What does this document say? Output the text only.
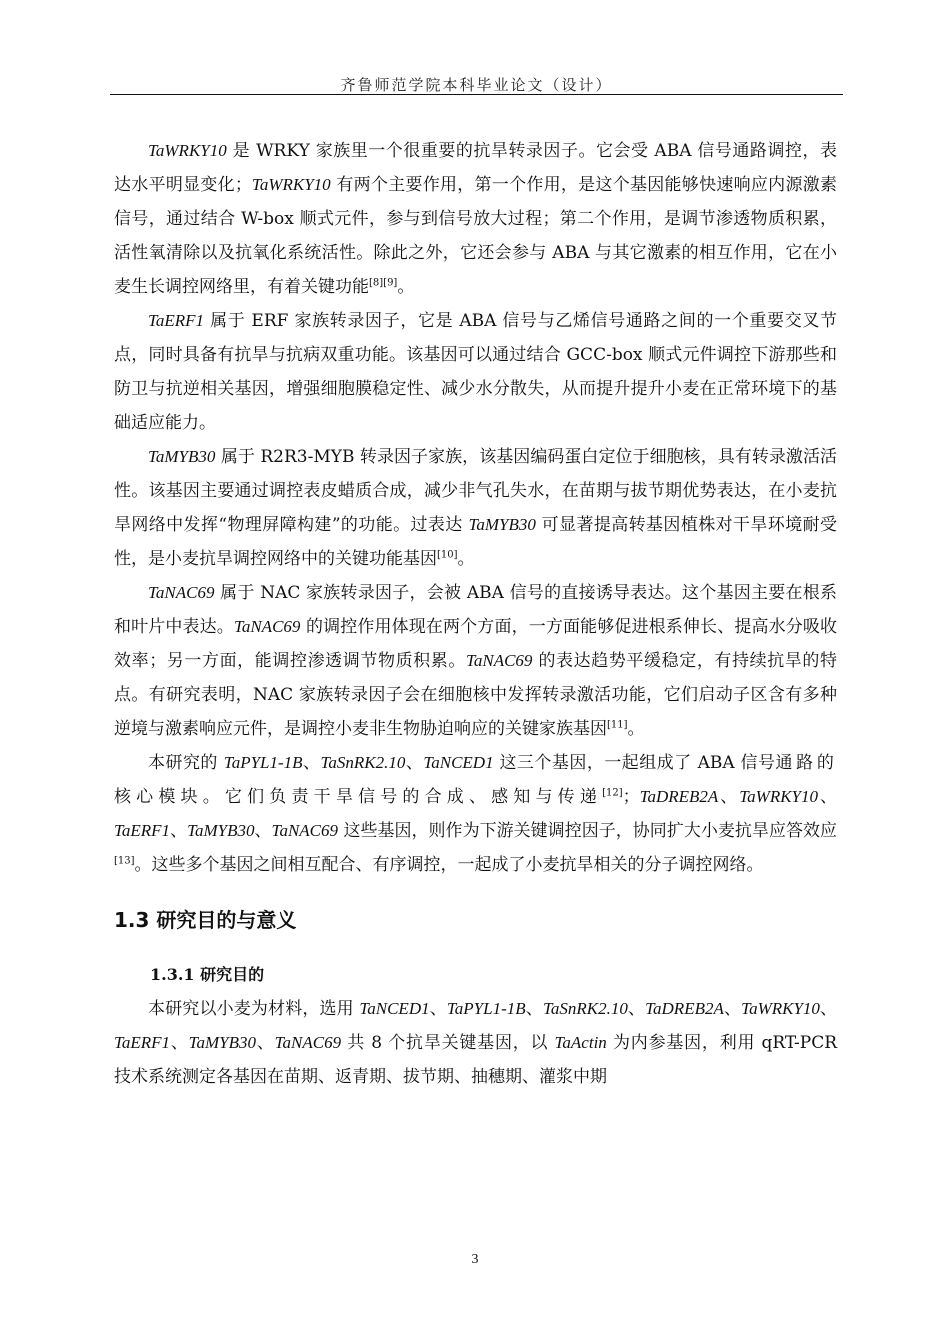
齐鲁师范学院本科毕业论文（设计）

TaWRKY10 是 WRKY 家族里一个很重要的抗旱转录因子。它会受 ABA 信号通路调控，表达水平明显变化；TaWRKY10 有两个主要作用，第一个作用，是这个基因能够快速响应内源激素信号，通过结合 W-box 顺式元件，参与到信号放大过程；第二个作用，是调节渗透物质积累，活性氧清除以及抗氧化系统活性。除此之外，它还会参与 ABA 与其它激素的相互作用，它在小麦生长调控网络里，有着关键功能[8][9]。

TaERF1 属于 ERF 家族转录因子，它是 ABA 信号与乙烯信号通路之间的一个重要交叉节点，同时具备有抗旱与抗病双重功能。该基因可以通过结合 GCC-box 顺式元件调控下游那些和防卫与抗逆相关基因，增强细胞膜稳定性、减少水分散失，从而提升提升小麦在正常环境下的基础适应能力。

TaMYB30 属于 R2R3-MYB 转录因子家族，该基因编码蛋白定位于细胞核，具有转录激活活性。该基因主要通过调控表皮蜡质合成，减少非气孔失水，在苗期与拔节期优势表达，在小麦抗旱网络中发挥“物理屏障构建”的功能。过表达 TaMYB30 可显著提高转基因植株对干旱环境耐受性，是小麦抗旱调控网络中的关键功能基因[10]。

TaNAC69 属于 NAC 家族转录因子，会被 ABA 信号的直接诱导表达。这个基因主要在根系和叶片中表达。TaNAC69 的调控作用体现在两个方面，一方面能够促进根系伸长、提高水分吸收效率；另一方面，能调控渗透调节物质积累。TaNAC69 的表达趋势平缓稳定，有持续抗旱的特点。有研究表明，NAC 家族转录因子会在细胞核中发挥转录激活功能，它们启动子区含有多种逆境与激素响应元件，是调控小麦非生物胁迫响应的关键家族基因[11]。

本研究的 TaPYL1-1B、TaSnRK2.10、TaNCED1 这三个基因，一起组成了 ABA 信号通路的核心模块。它们负责干旱信号的合成、感知与传递[12]；TaDREB2A、TaWRKY10、TaERF1、TaMYB30、TaNAC69 这些基因，则作为下游关键调控因子，协同扩大小麦抗旱应答效应[13]。这些多个基因之间相互配合、有序调控，一起成了小麦抗旱相关的分子调控网络。

1.3 研究目的与意义
1.3.1 研究目的

本研究以小麦为材料，选用 TaNCED1、TaPYL1-1B、TaSnRK2.10、TaDREB2A、TaWRKY10、TaERF1、TaMYB30、TaNAC69 共 8 个抗旱关键基因，以 TaActin 为内参基因，利用 qRT-PCR 技术系统测定各基因在苗期、返青期、拔节期、抽穗期、灌浆中期

3
